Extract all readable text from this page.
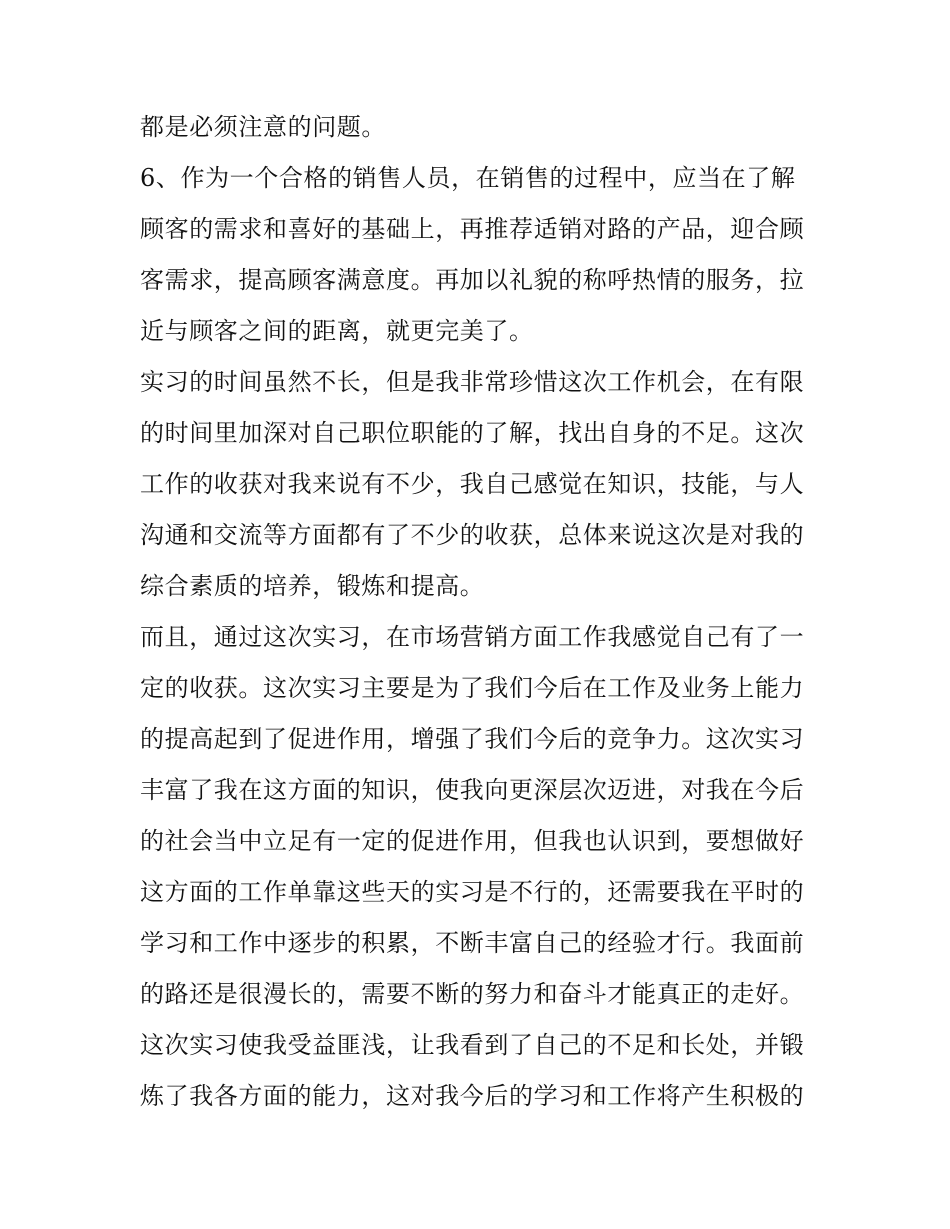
都是必须注意的问题。
6、作为一个合格的销售人员，在销售的过程中，应当在了解
顾客的需求和喜好的基础上，再推荐适销对路的产品，迎合顾
客需求，提高顾客满意度。再加以礼貌的称呼热情的服务，拉
近与顾客之间的距离，就更完美了。
实习的时间虽然不长，但是我非常珍惜这次工作机会，在有限
的时间里加深对自己职位职能的了解，找出自身的不足。这次
工作的收获对我来说有不少，我自己感觉在知识，技能，与人
沟通和交流等方面都有了不少的收获，总体来说这次是对我的
综合素质的培养，锻炼和提高。
而且，通过这次实习，在市场营销方面工作我感觉自己有了一
定的收获。这次实习主要是为了我们今后在工作及业务上能力
的提高起到了促进作用，增强了我们今后的竞争力。这次实习
丰富了我在这方面的知识，使我向更深层次迈进，对我在今后
的社会当中立足有一定的促进作用，但我也认识到，要想做好
这方面的工作单靠这些天的实习是不行的，还需要我在平时的
学习和工作中逐步的积累，不断丰富自己的经验才行。我面前
的路还是很漫长的，需要不断的努力和奋斗才能真正的走好。
这次实习使我受益匪浅，让我看到了自己的不足和长处，并锻
炼了我各方面的能力，这对我今后的学习和工作将产生积极的
